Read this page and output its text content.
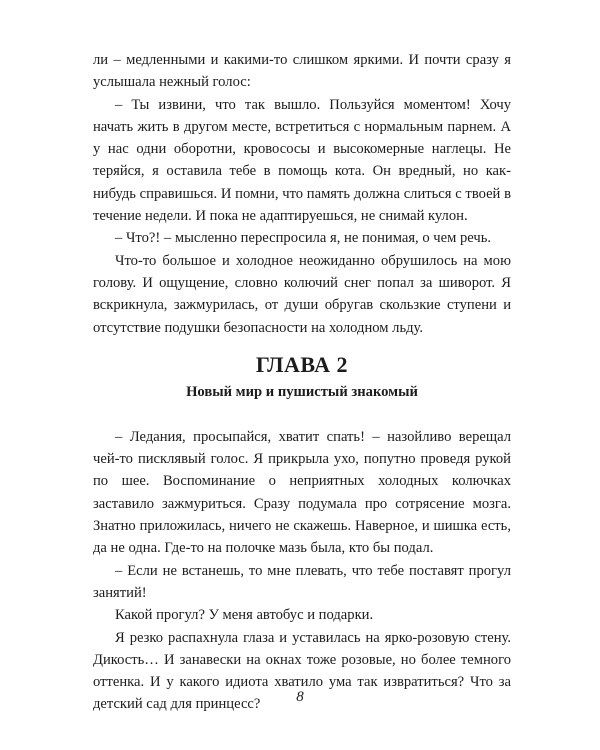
ли – медленными и какими-то слишком яркими. И почти сразу я услышала нежный голос:

– Ты извини, что так вышло. Пользуйся моментом! Хочу начать жить в другом месте, встретиться с нормальным парнем. А у нас одни оборотни, кровососы и высокомерные наглецы. Не теряйся, я оставила тебе в помощь кота. Он вредный, но как-нибудь справишься. И помни, что память должна слиться с твоей в течение недели. И пока не адаптируешься, не снимай кулон.

– Что?! – мысленно переспросила я, не понимая, о чем речь.

Что-то большое и холодное неожиданно обрушилось на мою голову. И ощущение, словно колючий снег попал за шиворот. Я вскрикнула, зажмурилась, от души обругав скользкие ступени и отсутствие подушки безопасности на холодном льду.

ГЛАВА 2
Новый мир и пушистый знакомый

– Ледания, просыпайся, хватит спать! – назойливо верещал чей-то писклявый голос. Я прикрыла ухо, попутно проведя рукой по шее. Воспоминание о неприятных холодных колючках заставило зажмуриться. Сразу подумала про сотрясение мозга. Знатно приложилась, ничего не скажешь. Наверное, и шишка есть, да не одна. Где-то на полочке мазь была, кто бы подал.

– Если не встанешь, то мне плевать, что тебе поставят прогул занятий!

Какой прогул? У меня автобус и подарки.

Я резко распахнула глаза и уставилась на ярко-розовую стену. Дикость… И занавески на окнах тоже розовые, но более темного оттенка. И у какого идиота хватило ума так извратиться? Что за детский сад для принцесс?	8
